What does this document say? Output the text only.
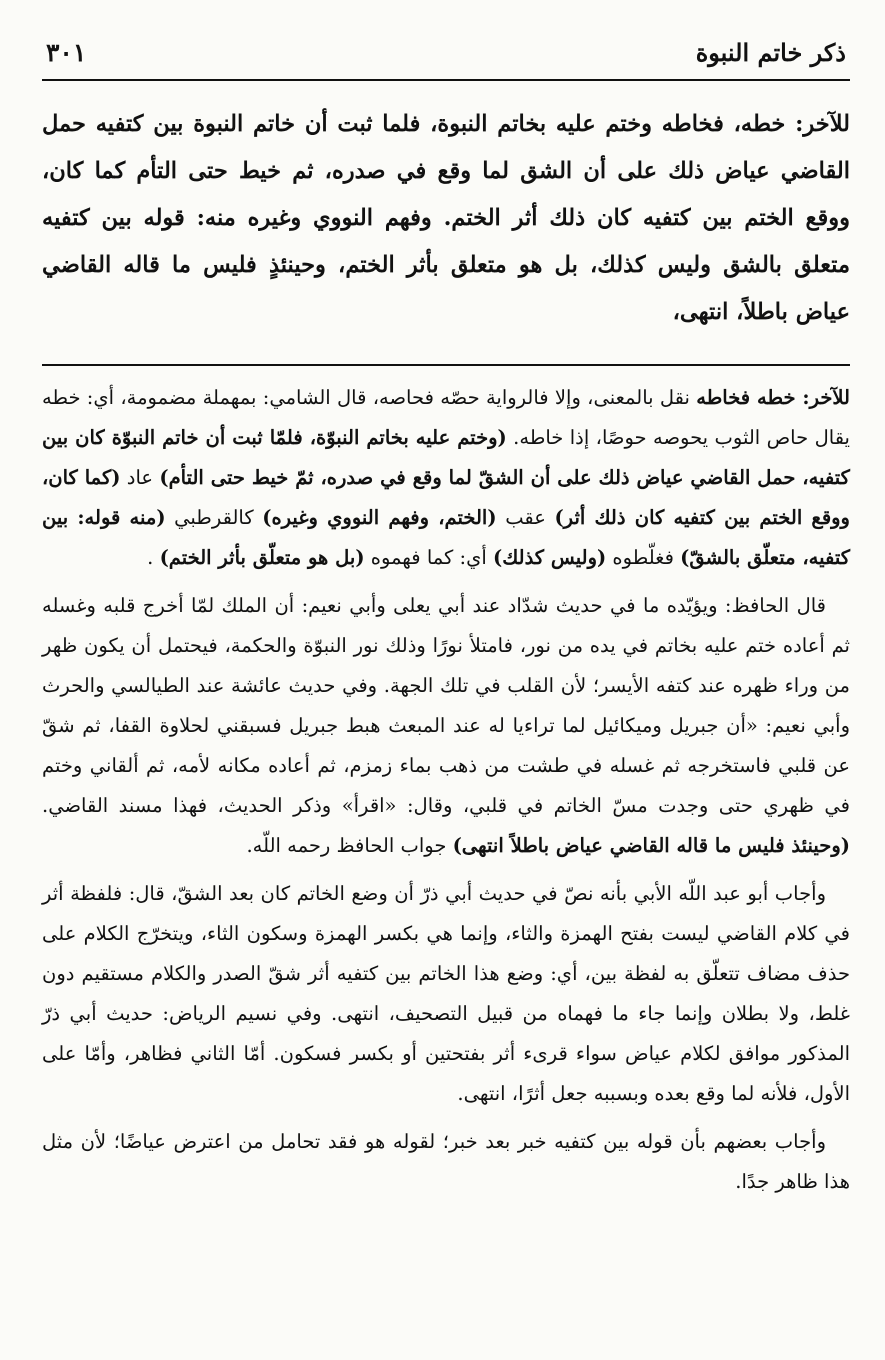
ذكر خاتم النبوة
٣٠١

للآخر: خطه، فخاطه وختم عليه بخاتم النبوة، فلما ثبت أن خاتم النبوة بين كتفيه حمل القاضي عياض ذلك على أن الشق لما وقع في صدره، ثم خيط حتى التأم كما كان، ووقع الختم بين كتفيه كان ذلك أثر الختم. وفهم النووي وغيره منه: قوله بين كتفيه متعلق بالشق وليس كذلك، بل هو متعلق بأثر الختم، وحينئذٍ فليس ما قاله القاضي عياض باطلاً، انتهى،

للآخر: خطه فخاطه نقل بالمعنى، وإلا فالرواية حصّه فحاصه، قال الشامي: بمهملة مضمومة، أي: خطه يقال حاص الثوب يحوصه حوصًا، إذا خاطه. (وختم عليه بخاتم النبوّة، فلمّا ثبت أن خاتم النبوّة كان بين كتفيه، حمل القاضي عياض ذلك على أن الشقّ لما وقع في صدره، ثمّ خيط حتى التأم) عاد (كما كان، ووقع الختم بين كتفيه كان ذلك أثر) عقب (الختم، وفهم النووي وغيره) كالقرطبي (منه قوله: بين كتفيه، متعلّق بالشقّ) فغلّطوه (وليس كذلك) أي: كما فهموه (بل هو متعلّق بأثر الختم) .

قال الحافظ: ويؤيّده ما في حديث شدّاد عند أبي يعلى وأبي نعيم: أن الملك لمّا أخرج قلبه وغسله ثم أعاده ختم عليه بخاتم في يده من نور، فامتلأ نورًا وذلك نور النبوّة والحكمة، فيحتمل أن يكون ظهر من وراء ظهره عند كتفه الأيسر؛ لأن القلب في تلك الجهة. وفي حديث عائشة عند الطيالسي والحرث وأبي نعيم: «أن جبريل وميكائيل لما تراءيا له عند المبعث هبط جبريل فسبقني لحلاوة القفا، ثم شقّ عن قلبي فاستخرجه ثم غسله في طشت من ذهب بماء زمزم، ثم أعاده مكانه لأمه، ثم ألقاني وختم في ظهري حتى وجدت مسّ الخاتم في قلبي، وقال: «اقرأ» وذكر الحديث، فهذا مسند القاضي. (وحينئذ فليس ما قاله القاضي عياض باطلاً انتهى) جواب الحافظ رحمه اللّه.

وأجاب أبو عبد اللّه الأبي بأنه نصّ في حديث أبي ذرّ أن وضع الخاتم كان بعد الشقّ، قال: فلفظة أثر في كلام القاضي ليست بفتح الهمزة والثاء، وإنما هي بكسر الهمزة وسكون الثاء، ويتخرّج الكلام على حذف مضاف تتعلّق به لفظة بين، أي: وضع هذا الخاتم بين كتفيه أثر شقّ الصدر والكلام مستقيم دون غلط، ولا بطلان وإنما جاء ما فهماه من قبيل التصحيف، انتهى. وفي نسيم الرياض: حديث أبي ذرّ المذكور موافق لكلام عياض سواء قرىء أثر بفتحتين أو بكسر فسكون. أمّا الثاني فظاهر، وأمّا على الأول، فلأنه لما وقع بعده وبسببه جعل أثرًا، انتهى.

وأجاب بعضهم بأن قوله بين كتفيه خبر بعد خبر؛ لقوله هو فقد تحامل من اعترض عياضًا؛ لأن مثل هذا ظاهر جدًا.
